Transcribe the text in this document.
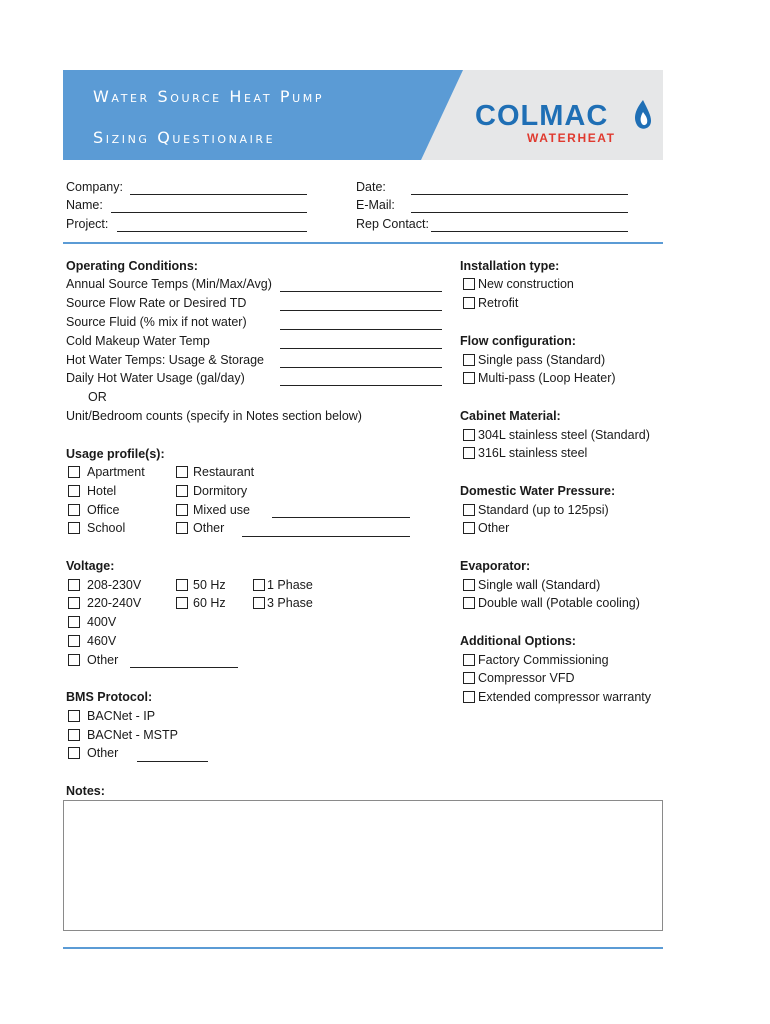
Water Source Heat Pump
Sizing Questionaire
COLMAC
WATERHEAT
Company:
Name:
Project:
Date:
E-Mail:
Rep Contact:
Operating Conditions:
Annual Source Temps (Min/Max/Avg)
Source Flow Rate or Desired TD
Source Fluid (% mix if not water)
Cold Makeup Water Temp
Hot Water Temps: Usage & Storage
Daily Hot Water Usage (gal/day)
OR
Unit/Bedroom counts (specify in Notes section below)
Usage profile(s):
Apartment
Hotel
Office
School
Restaurant
Dormitory
Mixed use
Other
Voltage:
208-230V
220-240V
400V
460V
Other
50 Hz
60 Hz
1 Phase
3 Phase
BMS Protocol:
BACNet - IP
BACNet - MSTP
Other
Installation type:
New construction
Retrofit
Flow configuration:
Single pass (Standard)
Multi-pass (Loop Heater)
Cabinet Material:
304L stainless steel (Standard)
316L stainless steel
Domestic Water Pressure:
Standard (up to 125psi)
Other
Evaporator:
Single wall (Standard)
Double wall (Potable cooling)
Additional Options:
Factory Commissioning
Compressor VFD
Extended compressor warranty
Notes:
